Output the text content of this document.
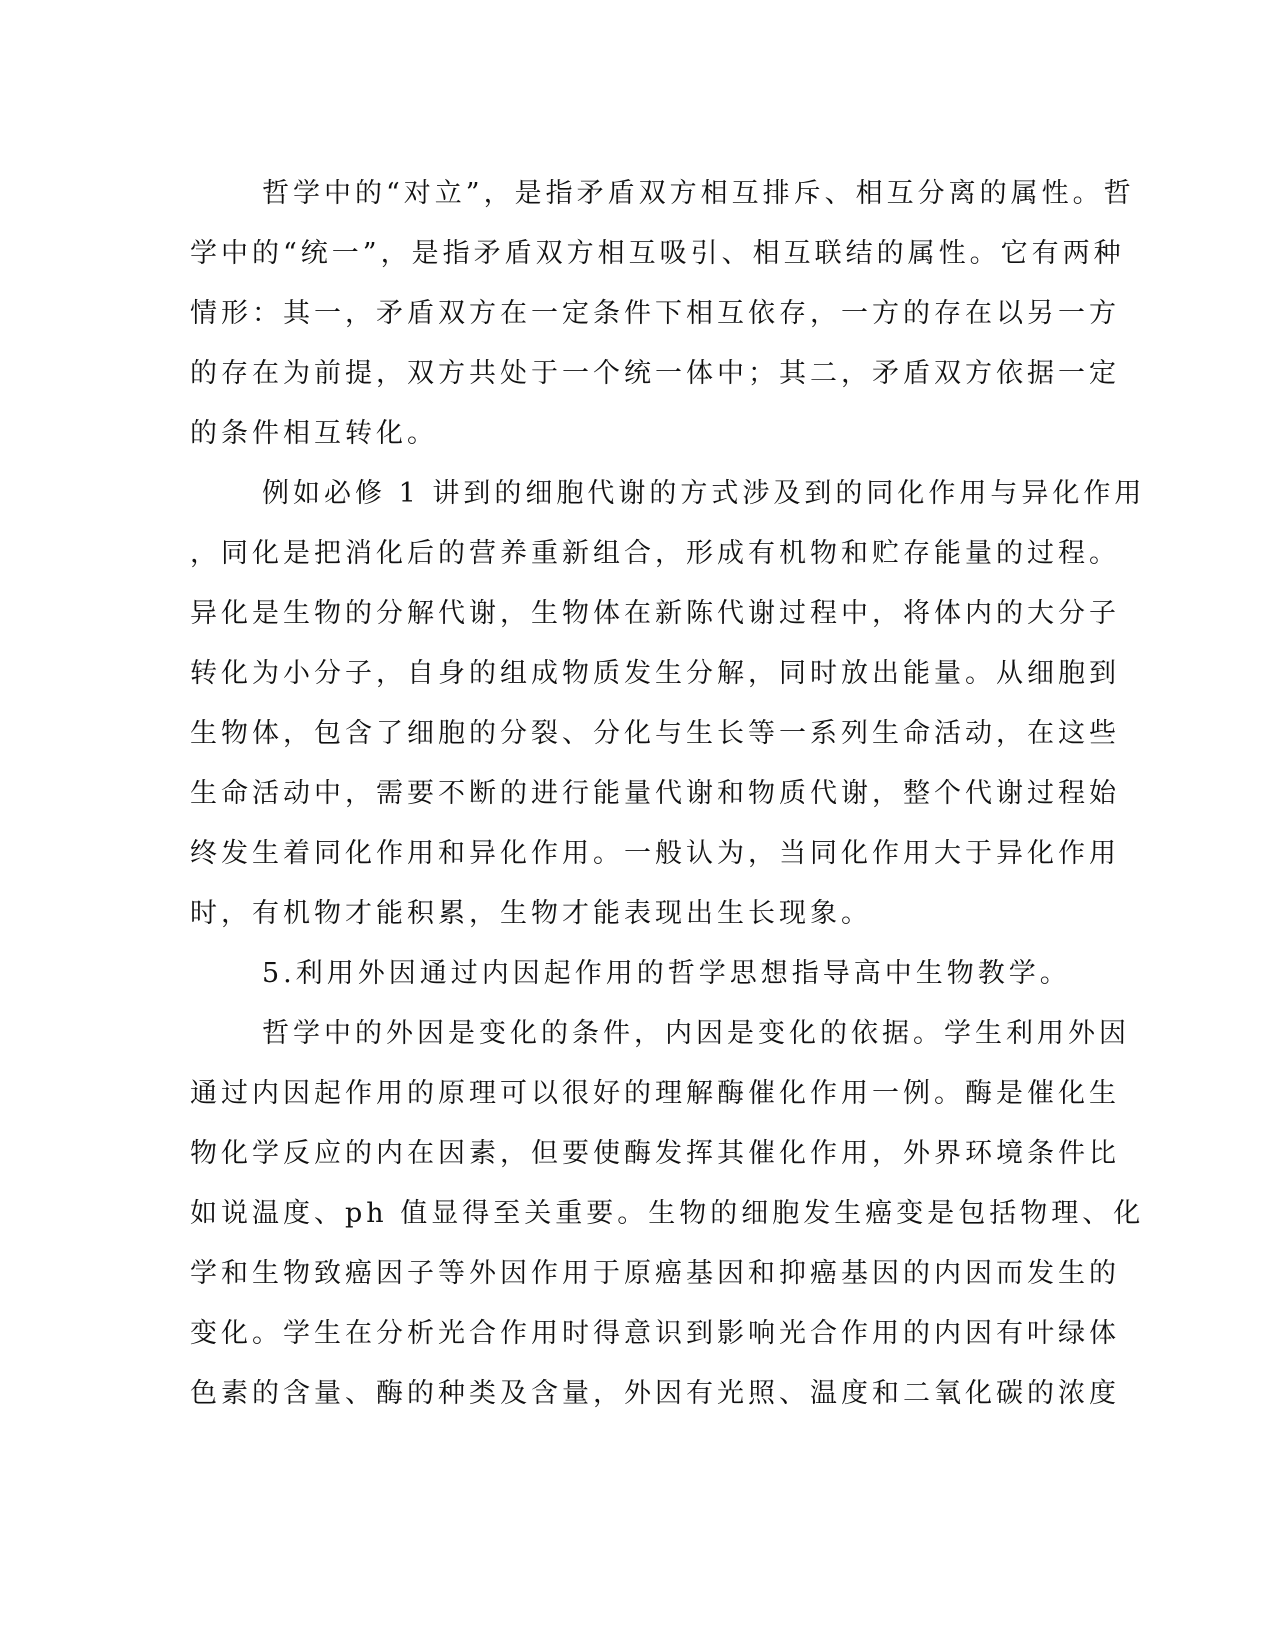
哲学中的“对立”，是指矛盾双方相互排斥、相互分离的属性。哲
学中的“统一”，是指矛盾双方相互吸引、相互联结的属性。它有两种
情形：其一，矛盾双方在一定条件下相互依存，一方的存在以另一方
的存在为前提，双方共处于一个统一体中；其二，矛盾双方依据一定
的条件相互转化。
例如必修 1 讲到的细胞代谢的方式涉及到的同化作用与异化作用
，同化是把消化后的营养重新组合，形成有机物和贮存能量的过程。
异化是生物的分解代谢，生物体在新陈代谢过程中，将体内的大分子
转化为小分子，自身的组成物质发生分解，同时放出能量。从细胞到
生物体，包含了细胞的分裂、分化与生长等一系列生命活动，在这些
生命活动中，需要不断的进行能量代谢和物质代谢，整个代谢过程始
终发生着同化作用和异化作用。一般认为，当同化作用大于异化作用
时，有机物才能积累，生物才能表现出生长现象。
5.利用外因通过内因起作用的哲学思想指导高中生物教学。
哲学中的外因是变化的条件，内因是变化的依据。学生利用外因
通过内因起作用的原理可以很好的理解酶催化作用一例。酶是催化生
物化学反应的内在因素，但要使酶发挥其催化作用，外界环境条件比
如说温度、ph 值显得至关重要。生物的细胞发生癌变是包括物理、化
学和生物致癌因子等外因作用于原癌基因和抑癌基因的内因而发生的
变化。学生在分析光合作用时得意识到影响光合作用的内因有叶绿体
色素的含量、酶的种类及含量，外因有光照、温度和二氧化碳的浓度
